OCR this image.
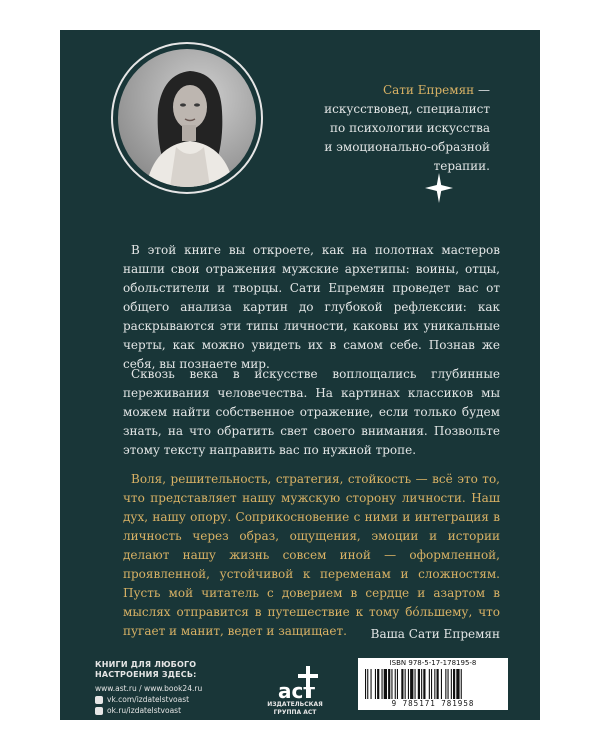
Сати Епремян —
искусствовед, специалист
по психологии искусства
и эмоционально-образной
терапии.

В этой книге вы откроете, как на полотнах мастеров нашли свои отражения мужские архетипы: воины, отцы, обольстители и творцы. Сати Епремян проведет вас от общего анализа картин до глубокой рефлексии: как раскрываются эти типы личности, каковы их уникальные черты, как можно увидеть их в самом себе. Познав же себя, вы познаете мир.

Сквозь века в искусстве воплощались глубинные переживания человечества. На картинах классиков мы можем найти собственное отражение, если только будем знать, на что обратить свет своего внимания. Позвольте этому тексту направить вас по нужной тропе.

Воля, решительность, стратегия, стойкость — всё это то, что представляет нашу мужскую сторону личности. Наш дух, нашу опору. Соприкосновение с ними и интеграция в личность через образ, ощущения, эмоции и истории делают нашу жизнь совсем иной — оформленной, проявленной, устойчивой к переменам и сложностям. Пусть мой читатель с доверием в сердце и азартом в мыслях отправится в путешествие к тому бо́льшему, что пугает и манит, ведет и защищает.	Ваша Сати Епремян
КНИГИ ДЛЯ ЛЮБОГО
НАСТРОЕНИЯ ЗДЕСЬ:
www.ast.ru / www.book24.ru
vk.com/izdatelstvoast
ok.ru/izdatelstvoast
аст
ИЗДАТЕЛЬСКАЯ
ГРУППА АСТ
ISBN 978-5-17-178195-8
9 785171 781958
